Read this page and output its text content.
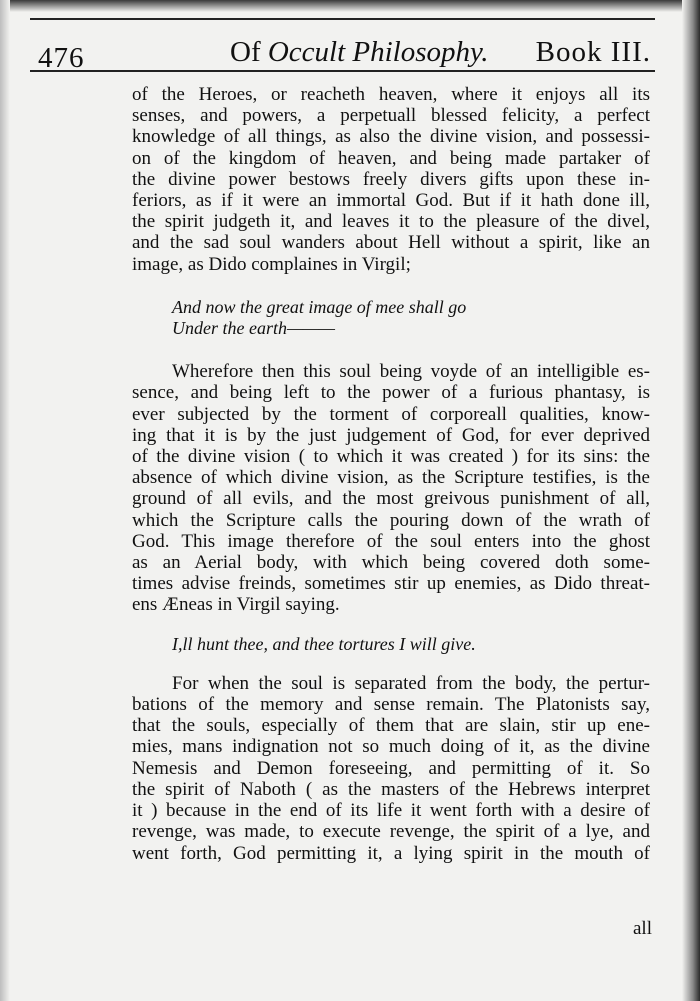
476	Of Occult Philosophy. Book III.
of the Heroes, or reacheth heaven, where it enjoys all its
senses, and powers, a perpetuall blessed felicity, a perfect
knowledge of all things, as also the divine vision, and possessi-
on of the kingdom of heaven, and being made partaker of
the divine power bestows freely divers gifts upon these in-
feriors, as if it were an immortal God. But if it hath done ill,
the spirit judgeth it, and leaves it to the pleasure of the divel,
and the sad soul wanders about Hell without a spirit, like an
image, as Dido complaines in Virgil;
And now the great image of mee shall go
Under the earth———
Wherefore then this soul being voyde of an intelligible es-
sence, and being left to the power of a furious phantasy, is
ever subjected by the torment of corporeall qualities, know-
ing that it is by the just judgement of God, for ever deprived
of the divine vision ( to which it was created ) for its sins: the
absence of which divine vision, as the Scripture testifies, is the
ground of all evils, and the most greivous punishment of all,
which the Scripture calls the pouring down of the wrath of
God. This image therefore of the soul enters into the ghost
as an Aerial body, with which being covered doth some-
times advise freinds, sometimes stir up enemies, as Dido threat-
ens Æneas in Virgil saying.
I,ll hunt thee, and thee tortures I will give.
For when the soul is separated from the body, the pertur-
bations of the memory and sense remain. The Platonists say,
that the souls, especially of them that are slain, stir up ene-
mies, mans indignation not so much doing of it, as the divine
Nemesis and Demon foreseeing, and permitting of it. So
the spirit of Naboth ( as the masters of the Hebrews interpret
it ) because in the end of its life it went forth with a desire of
revenge, was made, to execute revenge, the spirit of a lye, and
went forth, God permitting it, a lying spirit in the mouth of
all
